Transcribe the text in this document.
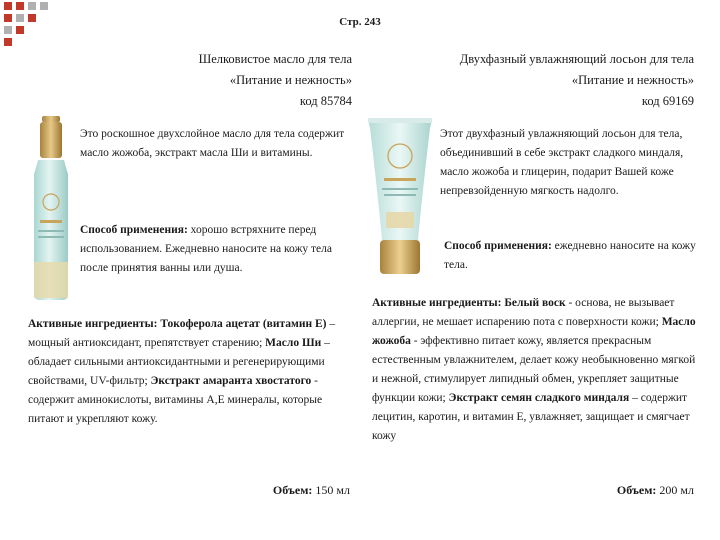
Стр. 243
Шелковистое масло для тела
«Питание и нежность»
код 85784
Это роскошное двухслойное масло для тела содержит масло жожоба, экстракт масла Ши и витамины.
Способ применения: хорошо встряхните перед использованием. Ежедневно наносите на кожу тела после принятия ванны или душа.
Активные ингредиенты: Токоферола ацетат (витамин Е) – мощный антиоксидант, препятствует старению; Масло Ши – обладает сильными антиоксидантными и регенерирующими свойствами, UV-фильтр; Экстракт амаранта хвостатого - содержит аминокислоты, витамины А,Е минералы, которые питают и укрепляют кожу.
Объем: 150 мл
Двухфазный увлажняющий лосьон для тела
«Питание и нежность»
код 69169
Этот двухфазный увлажняющий лосьон для тела, объединивший в себе экстракт сладкого миндаля, масло жожоба и глицерин, подарит Вашей коже непревзойденную мягкость надолго.
Способ применения: ежедневно наносите на кожу тела.
Активные ингредиенты: Белый воск - основа, не вызывает аллергии, не мешает испарению пота с поверхности кожи; Масло жожоба - эффективно питает кожу, является прекрасным естественным увлажнителем, делает кожу необыкновенно мягкой и нежной, стимулирует липидный обмен, укрепляет защитные функции кожи; Экстракт семян сладкого миндаля – содержит лецитин, каротин, и витамин Е, увлажняет, защищает и смягчает кожу
Объем: 200 мл
